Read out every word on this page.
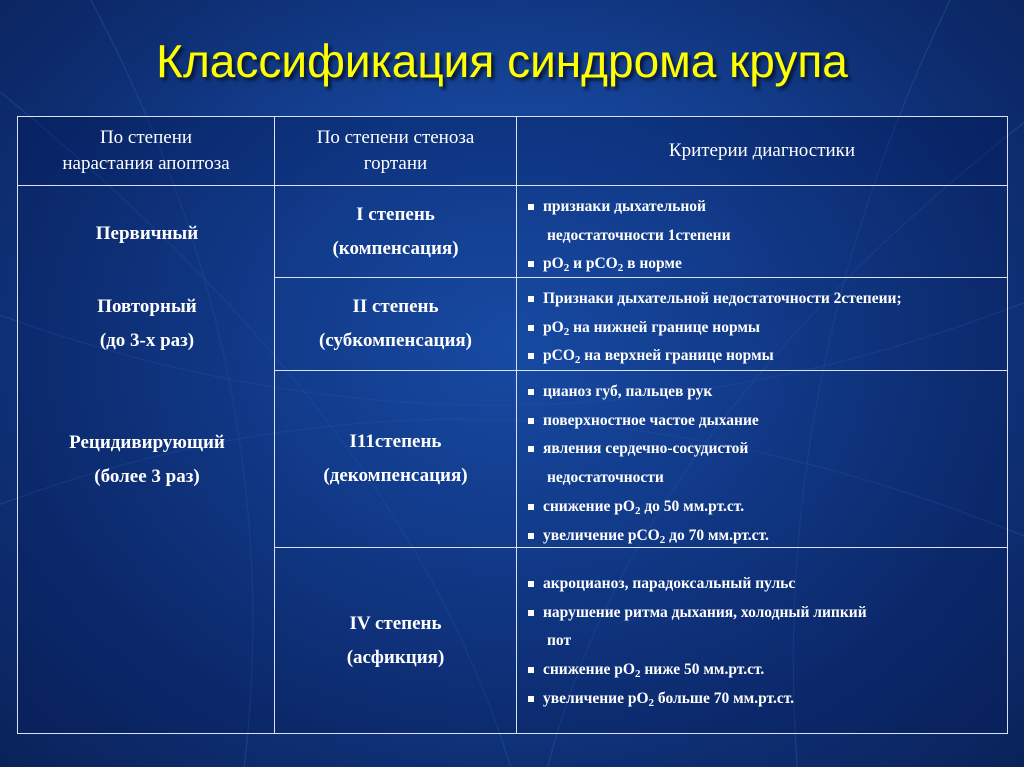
Классификация синдрома крупа
По степени
нарастания апоптоза
По степени стеноза
гортани
Критерии диагностики
Первичный
Повторный
(до 3-х раз)
Рецидивирующий
(более 3 раз)
I степень
(компенсация)
признаки дыхательной
недостаточности 1степени
$рО_2$ и рСО$_2$ в норме
II степень
(субкомпенсация)
Признаки дыхательной недостаточности 2степеии;
$рО_2$ на нижней границе нормы
рСО$_2$ на верхней границе нормы
I11степень
(декомпенсация)
цианоз губ, пальцев рук
поверхностное частое дыхание
явления сердечно-сосудистой
недостаточности
снижение $рО_2$ до 50 мм.рт.ст.
увеличение рСО$_2$ до 70 мм.рт.ст.
IV степень
(асфикция)
акроцианоз, парадоксальный пульс
нарушение ритма дыхания, холодный липкий
пот
снижение $рО_2$ ниже 50 мм.рт.ст.
увеличение $рО_2$ больше 70 мм.рт.ст.
